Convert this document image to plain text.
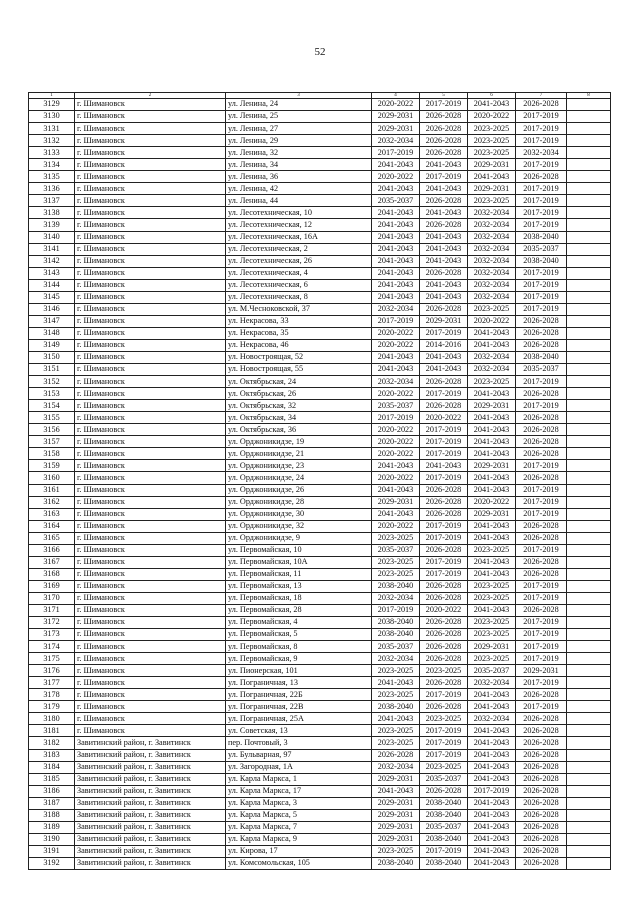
52
1	2	3	4	5	6	7	8
3129	г. Шимановск	ул. Ленина, 24	2020-2022	2017-2019	2041-2043	2026-2028	
3130	г. Шимановск	ул. Ленина, 25	2029-2031	2026-2028	2020-2022	2017-2019	
3131	г. Шимановск	ул. Ленина, 27	2029-2031	2026-2028	2023-2025	2017-2019	
3132	г. Шимановск	ул. Ленина, 29	2032-2034	2026-2028	2023-2025	2017-2019	
3133	г. Шимановск	ул. Ленина, 32	2017-2019	2026-2028	2023-2025	2032-2034	
3134	г. Шимановск	ул. Ленина, 34	2041-2043	2041-2043	2029-2031	2017-2019	
3135	г. Шимановск	ул. Ленина, 36	2020-2022	2017-2019	2041-2043	2026-2028	
3136	г. Шимановск	ул. Ленина, 42	2041-2043	2041-2043	2029-2031	2017-2019	
3137	г. Шимановск	ул. Ленина, 44	2035-2037	2026-2028	2023-2025	2017-2019	
3138	г. Шимановск	ул. Лесотехническая, 10	2041-2043	2041-2043	2032-2034	2017-2019	
3139	г. Шимановск	ул. Лесотехническая, 12	2041-2043	2026-2028	2032-2034	2017-2019	
3140	г. Шимановск	ул. Лесотехническая, 16А	2041-2043	2041-2043	2032-2034	2038-2040	
3141	г. Шимановск	ул. Лесотехническая, 2	2041-2043	2041-2043	2032-2034	2035-2037	
3142	г. Шимановск	ул. Лесотехническая, 26	2041-2043	2041-2043	2032-2034	2038-2040	
3143	г. Шимановск	ул. Лесотехническая, 4	2041-2043	2026-2028	2032-2034	2017-2019	
3144	г. Шимановск	ул. Лесотехническая, 6	2041-2043	2041-2043	2032-2034	2017-2019	
3145	г. Шимановск	ул. Лесотехническая, 8	2041-2043	2041-2043	2032-2034	2017-2019	
3146	г. Шимановск	ул. М.Чесноковской, 37	2032-2034	2026-2028	2023-2025	2017-2019	
3147	г. Шимановск	ул. Некрасова, 33	2017-2019	2029-2031	2020-2022	2026-2028	
3148	г. Шимановск	ул. Некрасова, 35	2020-2022	2017-2019	2041-2043	2026-2028	
3149	г. Шимановск	ул. Некрасова, 46	2020-2022	2014-2016	2041-2043	2026-2028	
3150	г. Шимановск	ул. Новостроящая, 52	2041-2043	2041-2043	2032-2034	2038-2040	
3151	г. Шимановск	ул. Новостроящая, 55	2041-2043	2041-2043	2032-2034	2035-2037	
3152	г. Шимановск	ул. Октябрьская, 24	2032-2034	2026-2028	2023-2025	2017-2019	
3153	г. Шимановск	ул. Октябрьская, 26	2020-2022	2017-2019	2041-2043	2026-2028	
3154	г. Шимановск	ул. Октябрьская, 32	2035-2037	2026-2028	2029-2031	2017-2019	
3155	г. Шимановск	ул. Октябрьская, 34	2017-2019	2020-2022	2041-2043	2026-2028	
3156	г. Шимановск	ул. Октябрьская, 36	2020-2022	2017-2019	2041-2043	2026-2028	
3157	г. Шимановск	ул. Орджоникидзе, 19	2020-2022	2017-2019	2041-2043	2026-2028	
3158	г. Шимановск	ул. Орджоникидзе, 21	2020-2022	2017-2019	2041-2043	2026-2028	
3159	г. Шимановск	ул. Орджоникидзе, 23	2041-2043	2041-2043	2029-2031	2017-2019	
3160	г. Шимановск	ул. Орджоникидзе, 24	2020-2022	2017-2019	2041-2043	2026-2028	
3161	г. Шимановск	ул. Орджоникидзе, 26	2041-2043	2026-2028	2041-2043	2017-2019	
3162	г. Шимановск	ул. Орджоникидзе, 28	2029-2031	2026-2028	2020-2022	2017-2019	
3163	г. Шимановск	ул. Орджоникидзе, 30	2041-2043	2026-2028	2029-2031	2017-2019	
3164	г. Шимановск	ул. Орджоникидзе, 32	2020-2022	2017-2019	2041-2043	2026-2028	
3165	г. Шимановск	ул. Орджоникидзе, 9	2023-2025	2017-2019	2041-2043	2026-2028	
3166	г. Шимановск	ул. Первомайская, 10	2035-2037	2026-2028	2023-2025	2017-2019	
3167	г. Шимановск	ул. Первомайская, 10А	2023-2025	2017-2019	2041-2043	2026-2028	
3168	г. Шимановск	ул. Первомайская, 11	2023-2025	2017-2019	2041-2043	2026-2028	
3169	г. Шимановск	ул. Первомайская, 13	2038-2040	2026-2028	2023-2025	2017-2019	
3170	г. Шимановск	ул. Первомайская, 18	2032-2034	2026-2028	2023-2025	2017-2019	
3171	г. Шимановск	ул. Первомайская, 28	2017-2019	2020-2022	2041-2043	2026-2028	
3172	г. Шимановск	ул. Первомайская, 4	2038-2040	2026-2028	2023-2025	2017-2019	
3173	г. Шимановск	ул. Первомайская, 5	2038-2040	2026-2028	2023-2025	2017-2019	
3174	г. Шимановск	ул. Первомайская, 8	2035-2037	2026-2028	2029-2031	2017-2019	
3175	г. Шимановск	ул. Первомайская, 9	2032-2034	2026-2028	2023-2025	2017-2019	
3176	г. Шимановск	ул. Пионерская, 101	2023-2025	2023-2025	2035-2037	2029-2031	
3177	г. Шимановск	ул. Пограничная, 13	2041-2043	2026-2028	2032-2034	2017-2019	
3178	г. Шимановск	ул. Пограничная, 22Б	2023-2025	2017-2019	2041-2043	2026-2028	
3179	г. Шимановск	ул. Пограничная, 22В	2038-2040	2026-2028	2041-2043	2017-2019	
3180	г. Шимановск	ул. Пограничная, 25А	2041-2043	2023-2025	2032-2034	2026-2028	
3181	г. Шимановск	ул. Советская, 13	2023-2025	2017-2019	2041-2043	2026-2028	
3182	Завитинский район, г. Завитинск	пер. Почтовый, 3	2023-2025	2017-2019	2041-2043	2026-2028	
3183	Завитинский район, г. Завитинск	ул. Бульварная, 97	2026-2028	2017-2019	2041-2043	2026-2028	
3184	Завитинский район, г. Завитинск	ул. Загородная, 1А	2032-2034	2023-2025	2041-2043	2026-2028	
3185	Завитинский район, г. Завитинск	ул. Карла Маркса, 1	2029-2031	2035-2037	2041-2043	2026-2028	
3186	Завитинский район, г. Завитинск	ул. Карла Маркса, 17	2041-2043	2026-2028	2017-2019	2026-2028	
3187	Завитинский район, г. Завитинск	ул. Карла Маркса, 3	2029-2031	2038-2040	2041-2043	2026-2028	
3188	Завитинский район, г. Завитинск	ул. Карла Маркса, 5	2029-2031	2038-2040	2041-2043	2026-2028	
3189	Завитинский район, г. Завитинск	ул. Карла Маркса, 7	2029-2031	2035-2037	2041-2043	2026-2028	
3190	Завитинский район, г. Завитинск	ул. Карла Маркса, 9	2029-2031	2038-2040	2041-2043	2026-2028	
3191	Завитинский район, г. Завитинск	ул. Кирова, 17	2023-2025	2017-2019	2041-2043	2026-2028	
3192	Завитинский район, г. Завитинск	ул. Комсомольская, 105	2038-2040	2038-2040	2041-2043	2026-2028	
